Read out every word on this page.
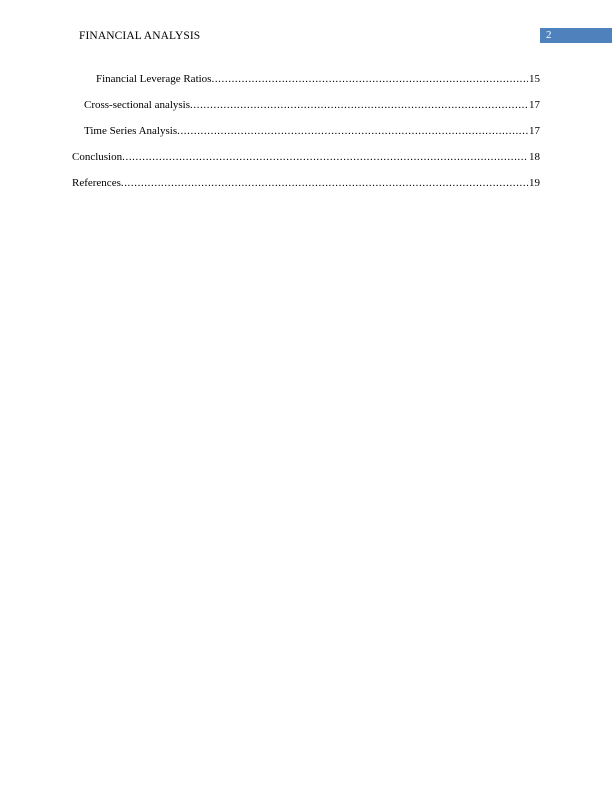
FINANCIAL ANALYSIS	2
Financial Leverage Ratios .....	15
Cross-sectional analysis .....	17
Time Series Analysis .....	17
Conclusion .....	18
References .....	19
